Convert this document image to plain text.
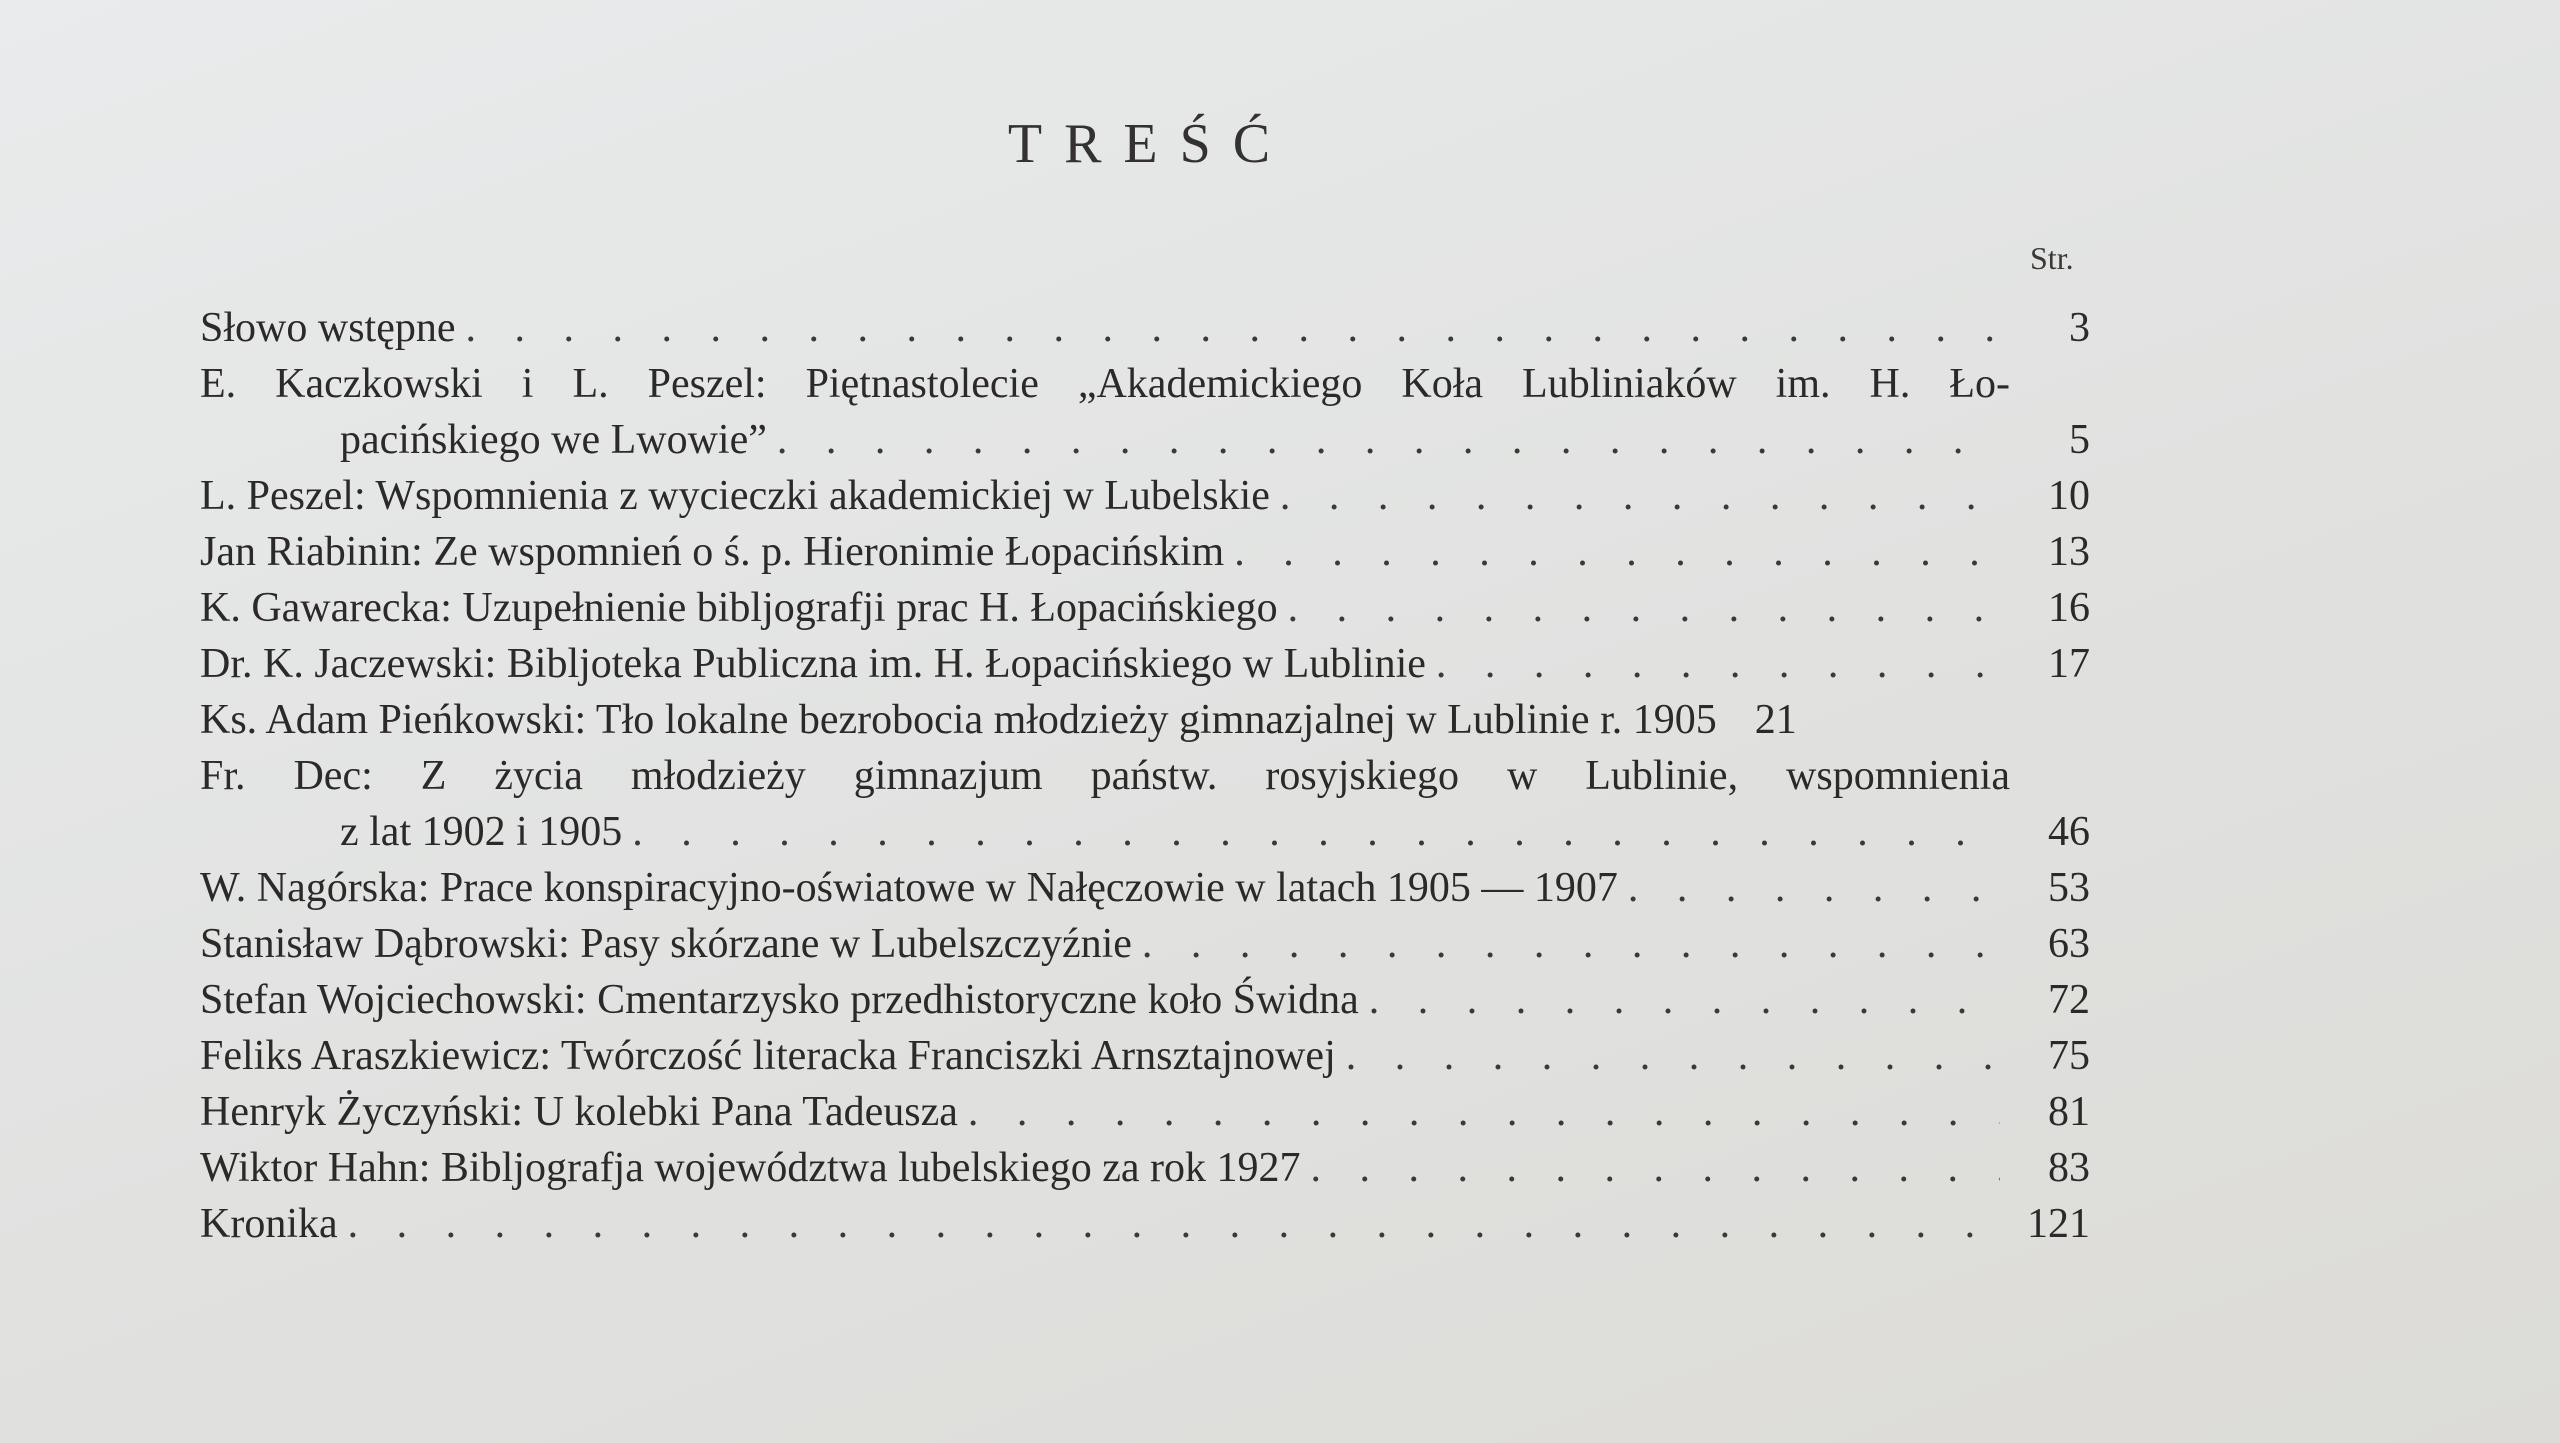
TREŚĆ
Str.
Słowo wstępne . . .	3
E. Kaczkowski i L. Peszel: Piętnastolecie „Akademickiego Koła Lubliniaków im. H. Ło-
pacińskiego we Lwowie” . . .	5
L. Peszel: Wspomnienia z wycieczki akademickiej w Lubelskie . . .	10
Jan Riabinin: Ze wspomnień o ś. p. Hieronimie Łopacińskim . . .	13
K. Gawarecka: Uzupełnienie bibljografji prac H. Łopacińskiego . . .	16
Dr. K. Jaczewski: Bibljoteka Publiczna im. H. Łopacińskiego w Lublinie . . .	17
Ks. Adam Pieńkowski: Tło lokalne bezrobocia młodzieży gimnazjalnej w Lublinie r. 1905 21
Fr. Dec: Z życia młodzieży gimnazjum państw. rosyjskiego w Lublinie, wspomnienia
z lat 1902 i 1905 . . .	46
W. Nagórska: Prace konspiracyjno-oświatowe w Nałęczowie w latach 1905 — 1907 . . .	53
Stanisław Dąbrowski: Pasy skórzane w Lubelszczyźnie . . .	63
Stefan Wojciechowski: Cmentarzysko przedhistoryczne koło Świdna . . .	72
Feliks Araszkiewicz: Twórczość literacka Franciszki Arnsztajnowej . . .	75
Henryk Życzyński: U kolebki Pana Tadeusza . . .	81
Wiktor Hahn: Bibljografja województwa lubelskiego za rok 1927 . . .	83
Kronika . . .	121
